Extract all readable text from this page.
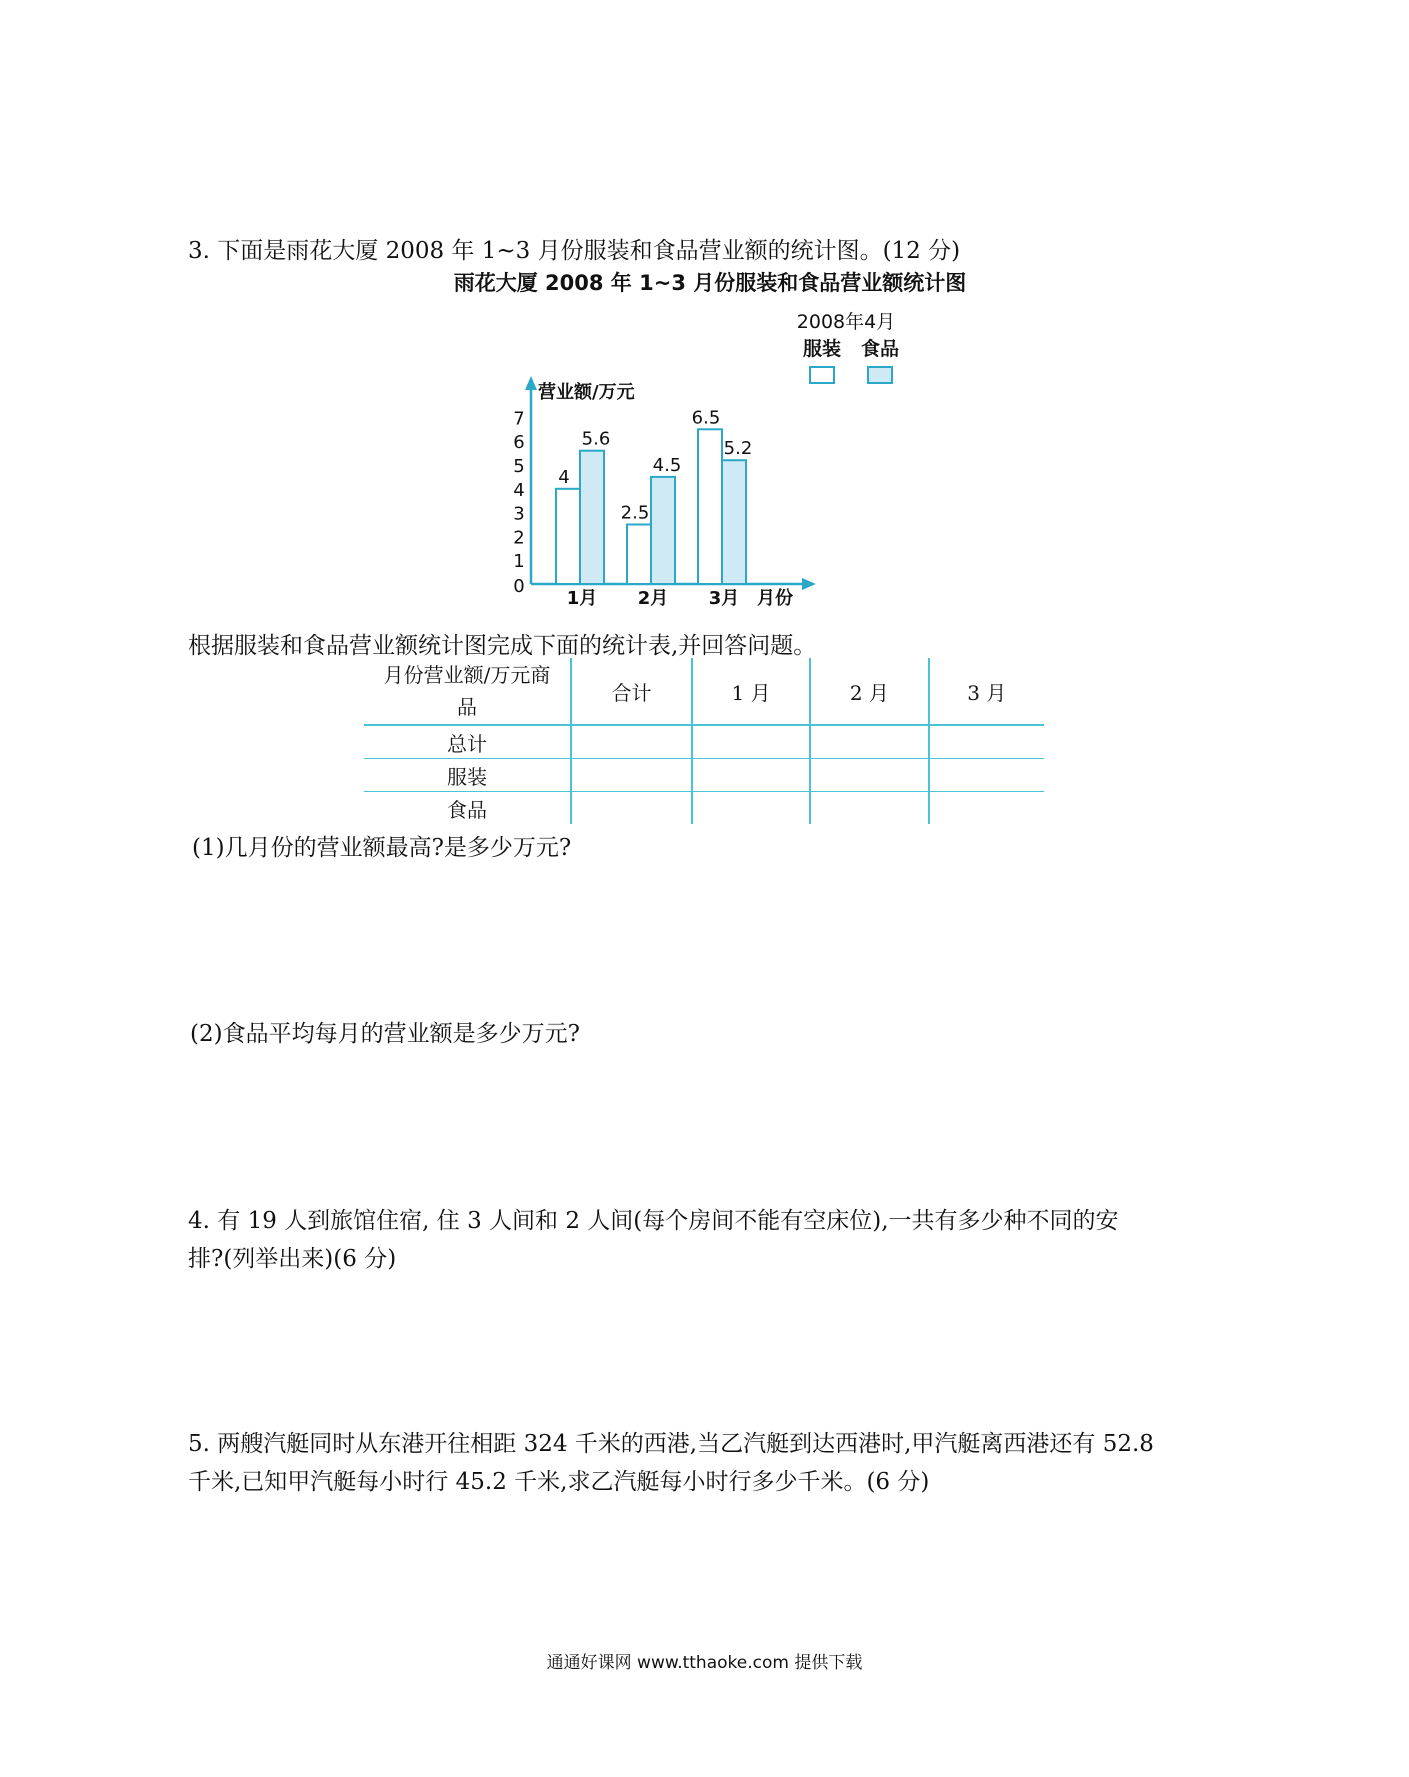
3. 下面是雨花大厦 2008 年 1~3 月份服装和食品营业额的统计图。(12 分)
雨花大厦 2008 年 1~3 月份服装和食品营业额统计图
2008年4月
服装 食品
营业额/万元
月份
0
1
2
3
4
5
6
7
4
5.6
2.5
4.5
6.5
5.2
1月 2月 3月
根据服装和食品营业额统计图完成下面的统计表,并回答问题。
月份营业额/万元商
品	合计	1 月	2 月	3 月
总计				
服装				
食品				
(1)几月份的营业额最高?是多少万元?
(2)食品平均每月的营业额是多少万元?
4. 有 19 人到旅馆住宿, 住 3 人间和 2 人间(每个房间不能有空床位),一共有多少种不同的安
排?(列举出来)(6 分)
5. 两艘汽艇同时从东港开往相距 324 千米的西港,当乙汽艇到达西港时,甲汽艇离西港还有 52.8
千米,已知甲汽艇每小时行 45.2 千米,求乙汽艇每小时行多少千米。(6 分)
通通好课网 www.tthaoke.com 提供下载
